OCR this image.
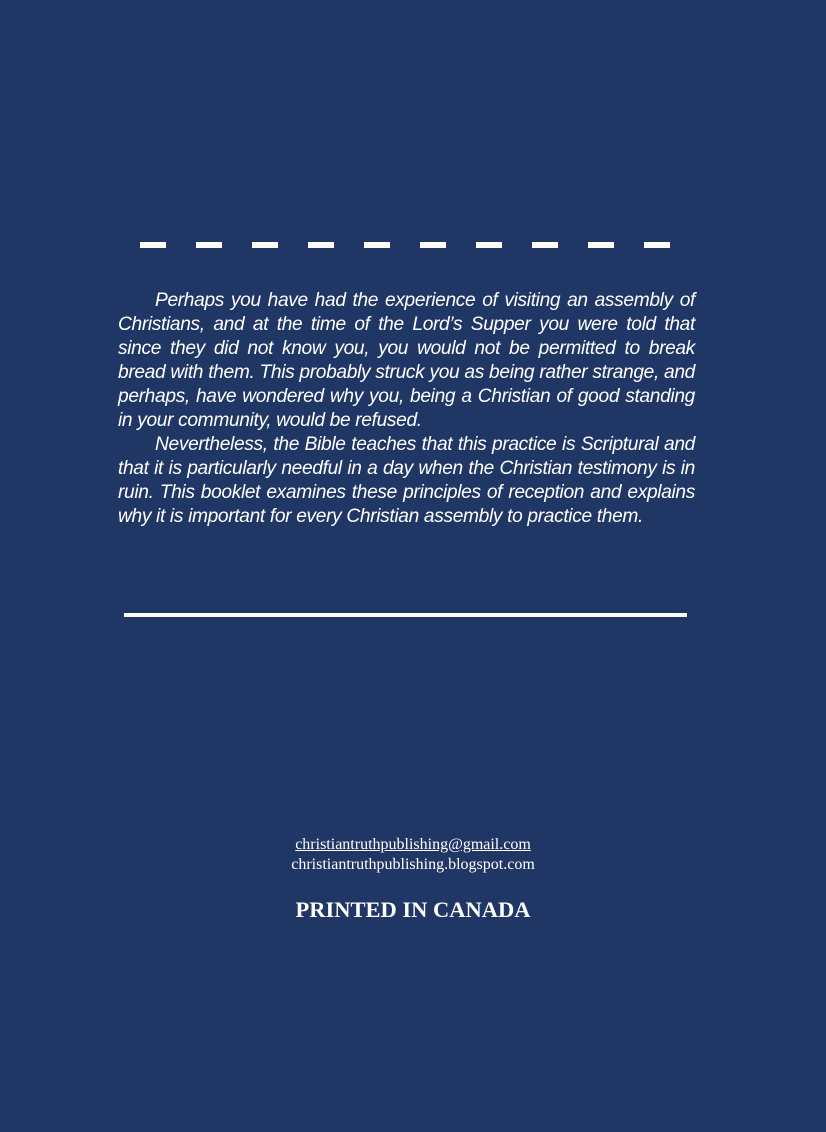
Perhaps you have had the experience of visiting an assembly of Christians, and at the time of the Lord’s Supper you were told that since they did not know you, you would not be permitted to break bread with them. This probably struck you as being rather strange, and perhaps, have wondered why you, being a Christian of good standing in your community, would be refused.

Nevertheless, the Bible teaches that this practice is Scriptural and that it is particularly needful in a day when the Christian testimony is in ruin. This booklet examines these principles of reception and explains why it is important for every Christian assembly to practice them.

christiantruthpublishing@gmail.com
christiantruthpublishing.blogspot.com
PRINTED IN CANADA
